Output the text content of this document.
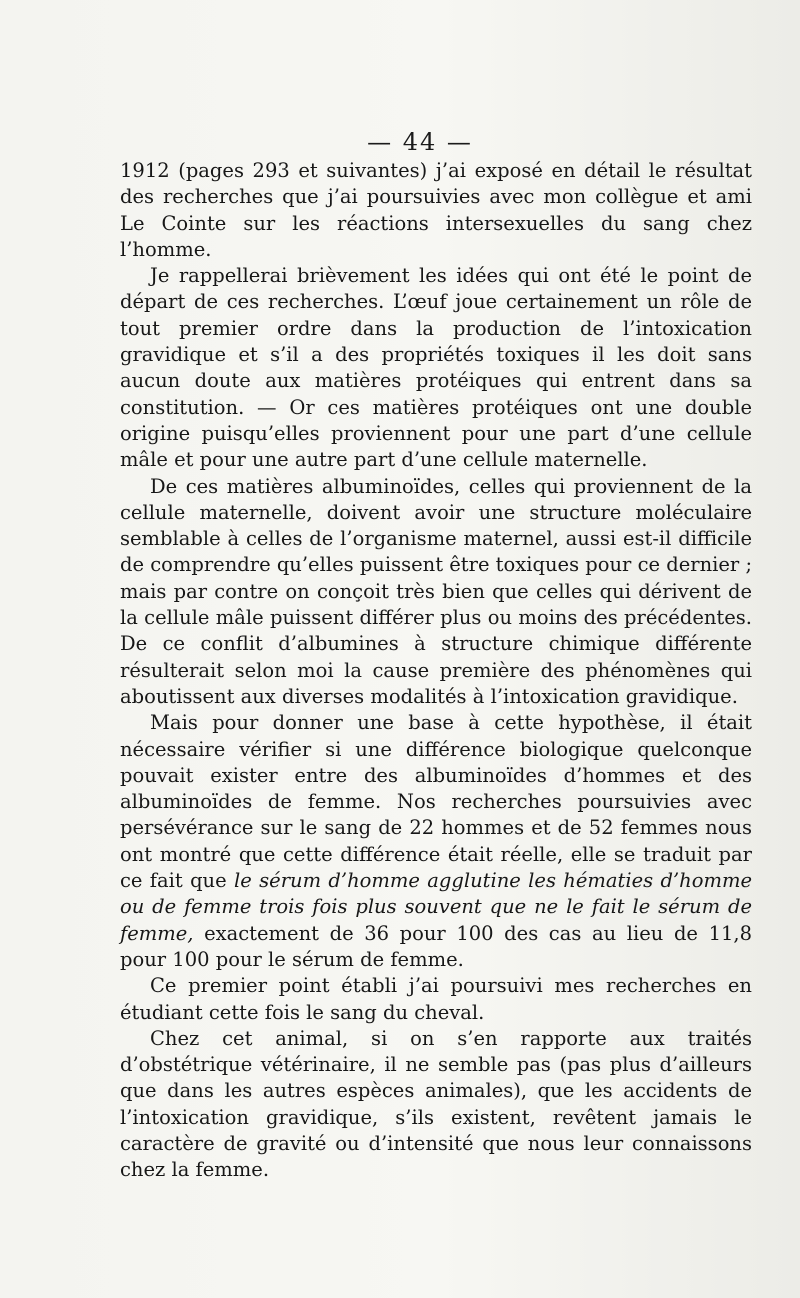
— 44 —

1912 (pages 293 et suivantes) j’ai exposé en détail le résultat des recherches que j’ai poursuivies avec mon collègue et ami Le Cointe sur les réactions intersexuelles du sang chez l’homme.

Je rappellerai brièvement les idées qui ont été le point de départ de ces recherches. L’œuf joue certainement un rôle de tout premier ordre dans la production de l’intoxication gravidique et s’il a des propriétés toxiques il les doit sans aucun doute aux matières protéiques qui entrent dans sa constitution. — Or ces matières protéiques ont une double origine puisqu’elles proviennent pour une part d’une cellule mâle et pour une autre part d’une cellule maternelle.

De ces matières albuminoïdes, celles qui proviennent de la cellule maternelle, doivent avoir une structure moléculaire semblable à celles de l’organisme maternel, aussi est-il difficile de comprendre qu’elles puissent être toxiques pour ce dernier ; mais par contre on conçoit très bien que celles qui dérivent de la cellule mâle puissent différer plus ou moins des précédentes. De ce conflit d’albumines à structure chimique différente résulterait selon moi la cause première des phénomènes qui aboutissent aux diverses modalités à l’intoxication gravidique.

Mais pour donner une base à cette hypothèse, il était nécessaire vérifier si une différence biologique quelconque pouvait exister entre des albuminoïdes d’hommes et des albuminoïdes de femme. Nos recherches poursuivies avec persévérance sur le sang de 22 hommes et de 52 femmes nous ont montré que cette différence était réelle, elle se traduit par ce fait que le sérum d’homme agglutine les hématies d’homme ou de femme trois fois plus souvent que ne le fait le sérum de femme, exactement de 36 pour 100 des cas au lieu de 11,8 pour 100 pour le sérum de femme.

Ce premier point établi j’ai poursuivi mes recherches en étudiant cette fois le sang du cheval.

Chez cet animal, si on s’en rapporte aux traités d’obstétrique vétérinaire, il ne semble pas (pas plus d’ailleurs que dans les autres espèces animales), que les accidents de l’intoxication gravidique, s’ils existent, revêtent jamais le caractère de gravité ou d’intensité que nous leur connaissons chez la femme.
